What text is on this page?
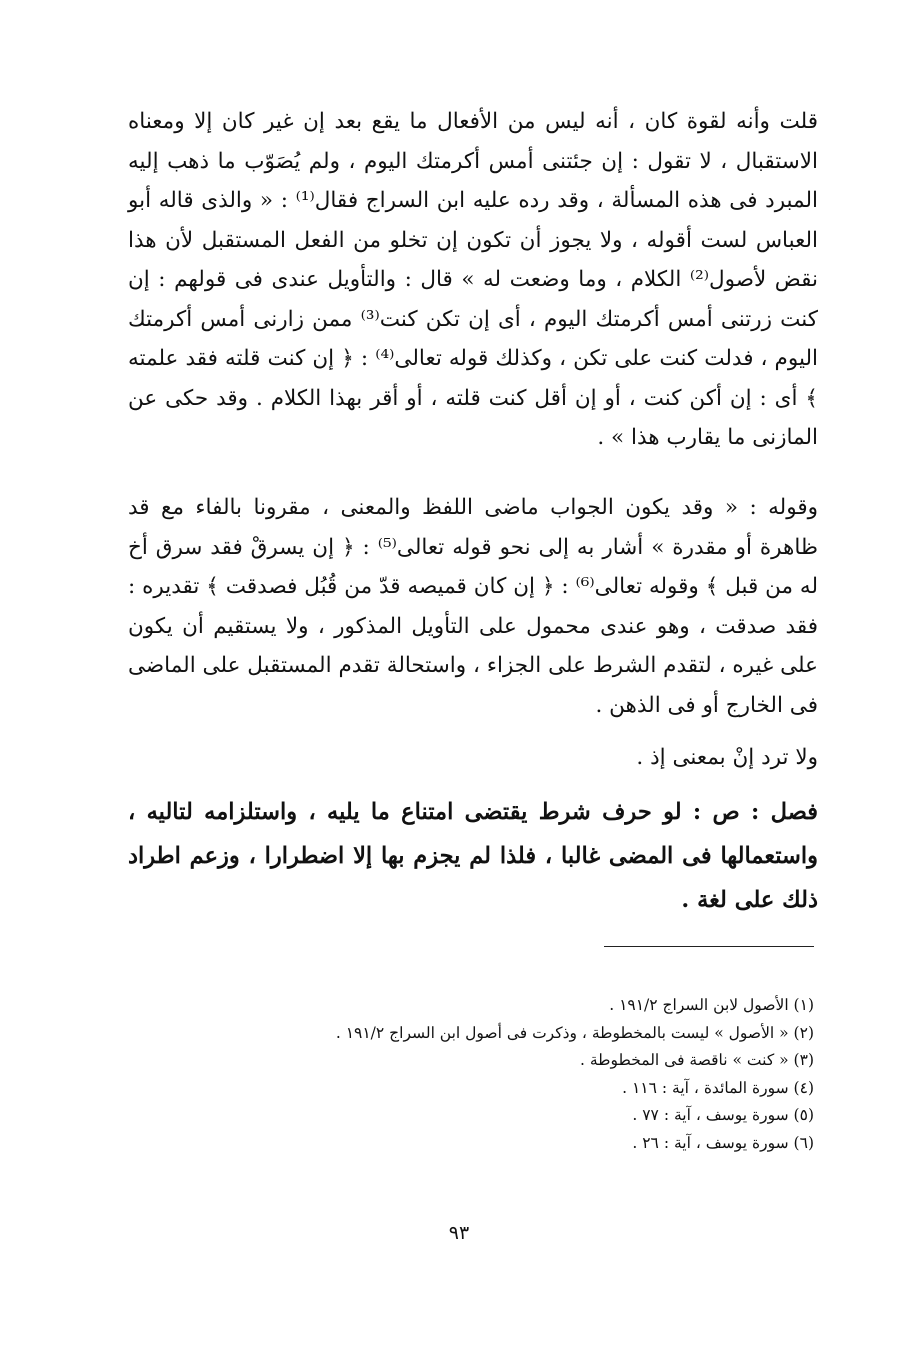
قلت وأنه لقوة كان ، أنه ليس من الأفعال ما يقع بعد إن غير كان إلا ومعناه الاستقبال ، لا تقول : إن جئتنى أمس أكرمتك اليوم ، ولم يُصَوّب ما ذهب إليه المبرد فى هذه المسألة ، وقد رده عليه ابن السراج فقال⁽¹⁾ : « والذى قاله أبو العباس لست أقوله ، ولا يجوز أن تكون إن تخلو من الفعل المستقبل لأن هذا نقض لأصول⁽²⁾ الكلام ، وما وضعت له » قال : والتأويل عندى فى قولهم : إن كنت زرتنى أمس أكرمتك اليوم ، أى إن تكن كنت⁽³⁾ ممن زارنى أمس أكرمتك اليوم ، فدلت كنت على تكن ، وكذلك قوله تعالى⁽⁴⁾ : ﴿ إن كنت قلته فقد علمته ﴾ أى : إن أكن كنت ، أو إن أقل كنت قلته ، أو أقر بهذا الكلام . وقد حكى عن المازنى ما يقارب هذا » .

وقوله : « وقد يكون الجواب ماضى اللفظ والمعنى ، مقرونا بالفاء مع قد ظاهرة أو مقدرة » أشار به إلى نحو قوله تعالى⁽⁵⁾ : ﴿ إن يسرقْ فقد سرق أخ له من قبل ﴾ وقوله تعالى⁽⁶⁾ : ﴿ إن كان قميصه قدّ من قُبُل فصدقت ﴾ تقديره : فقد صدقت ، وهو عندى محمول على التأويل المذكور ، ولا يستقيم أن يكون على غيره ، لتقدم الشرط على الجزاء ، واستحالة تقدم المستقبل على الماضى فى الخارج أو فى الذهن .

ولا ترد إنْ بمعنى إذ .

فصل : ص : لو حرف شرط يقتضى امتناع ما يليه ، واستلزامه لتاليه ، واستعمالها فى المضى غالبا ، فلذا لم يجزم بها إلا اضطرارا ، وزعم اطراد ذلك على لغة .

(١) الأصول لابن السراج ١٩١/٢ .
(٢) « الأصول » ليست بالمخطوطة ، وذكرت فى أصول ابن السراج ١٩١/٢ .
(٣) « كنت » ناقصة فى المخطوطة .
(٤) سورة المائدة ، آية : ١١٦ .
(٥) سورة يوسف ، آية : ٧٧ .
(٦) سورة يوسف ، آية : ٢٦ .
٩٣
